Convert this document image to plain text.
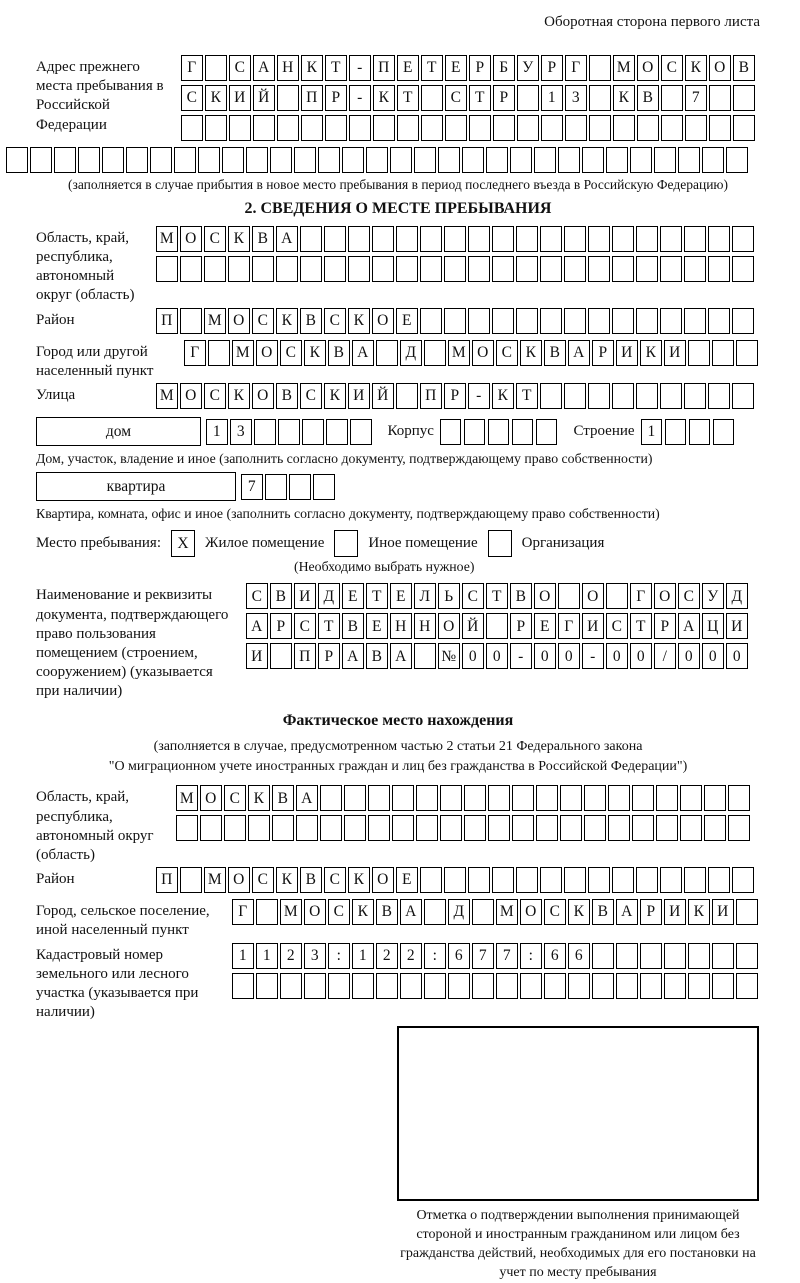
Оборотная сторона первого листа
Адрес прежнего места пребывания в Российской Федерации
Г	С А Н К Т	-	П Е Т Е Р Б У Р Г	М О С К О В
С К И Й	П Р	-	К Т	С Т Р	1	3	К В	7
(заполняется в случае прибытия в новое место пребывания в период последнего въезда в Российскую Федерацию)
2. СВЕДЕНИЯ О МЕСТЕ ПРЕБЫВАНИЯ
Область, край, республика, автономный округ (область)
М О С К В А
Район	П	М О С К В С К О Е
Город или другой населенный пункт
Г	М О С К В А	Д	М О С К В А Р И К И
Улица	М О С К О В С К И Й	П Р	-	К Т
дом	1	3	Корпус	Строение 1
Дом, участок, владение и иное (заполнить согласно документу, подтверждающему право собственности)
квартира	7
Квартира, комната, офис и иное (заполнить согласно документу, подтверждающему право собственности)
Место пребывания:	X	Жилое помещение	Иное помещение	Организация
(Необходимо выбрать нужное)
Наименование и реквизиты документа, подтверждающего право пользования помещением (строением, сооружением) (указывается при наличии)
С В И Д Е Т Е Л Ь С Т В О	О	Г О С У Д
А Р С Т В Е Н Н О Й	Р Е Г И С Т Р А Ц И
И	П Р А В А	№ 0	0	-	0	0	-	0	0	/	0	0	0
Фактическое место нахождения
(заполняется в случае, предусмотренном частью 2 статьи 21 Федерального закона
"О миграционном учете иностранных граждан и лиц без гражданства в Российской Федерации")
Область, край, республика, автономный округ (область)
М О С К В А
Район	П	М О С К В С К О Е
Город, сельское поселение, иной населенный пункт
Г	М О С К В А	Д	М О С К В А Р И К И
Кадастровый номер земельного или лесного участка (указывается при наличии)
1	1	2	3	:	1	2	2	:	6	7	7	:	6	6
Отметка о подтверждении выполнения принимающей стороной и иностранным гражданином или лицом без гражданства действий, необходимых для его постановки на учет по месту пребывания
